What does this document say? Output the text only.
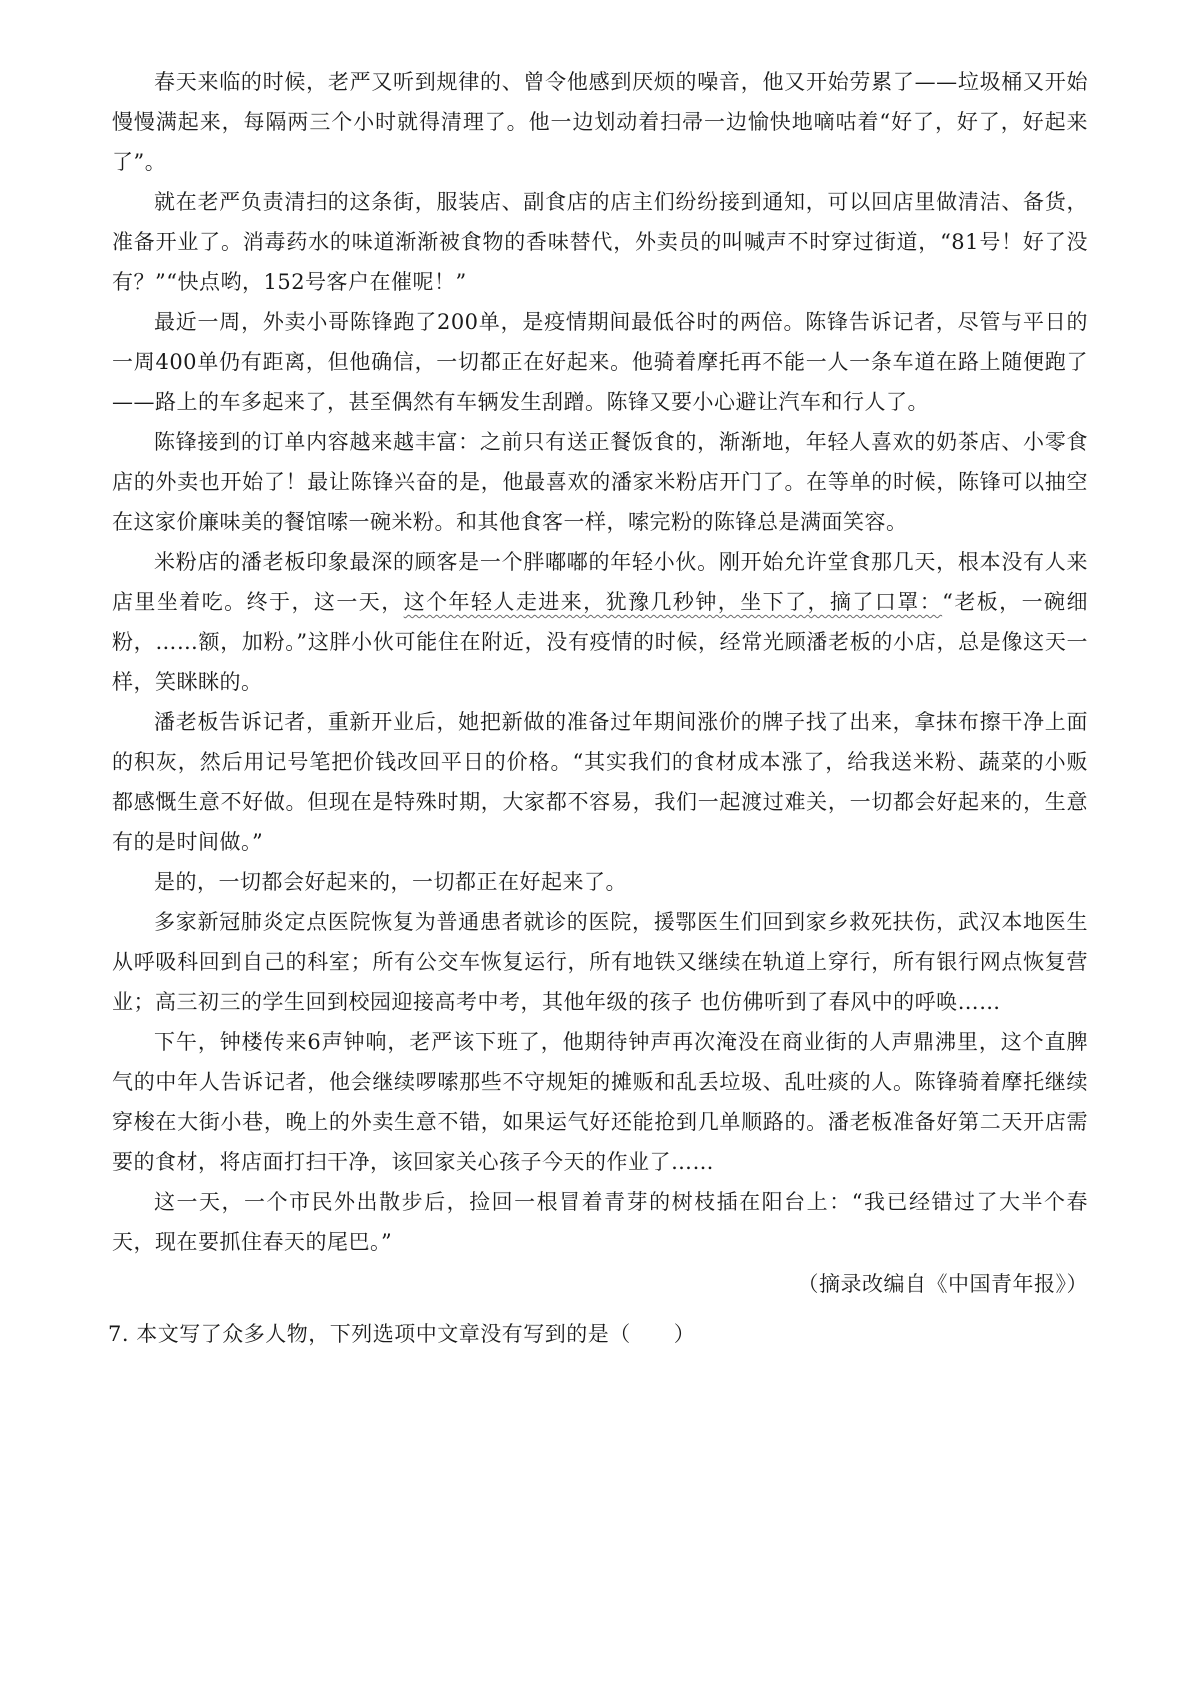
春天来临的时候，老严又听到规律的、曾令他感到厌烦的噪音，他又开始劳累了——垃圾桶又开始慢慢满起来，每隔两三个小时就得清理了。他一边划动着扫帚一边愉快地嘀咕着“好了，好了，好起来了”。

就在老严负责清扫的这条街，服装店、副食店的店主们纷纷接到通知，可以回店里做清洁、备货，准备开业了。消毒药水的味道渐渐被食物的香味替代，外卖员的叫喊声不时穿过街道，“81号！好了没有？”“快点哟，152号客户在催呢！”

最近一周，外卖小哥陈锋跑了200单，是疫情期间最低谷时的两倍。陈锋告诉记者，尽管与平日的一周400单仍有距离，但他确信，一切都正在好起来。他骑着摩托再不能一人一条车道在路上随便跑了——路上的车多起来了，甚至偶然有车辆发生刮蹭。陈锋又要小心避让汽车和行人了。

陈锋接到的订单内容越来越丰富：之前只有送正餐饭食的，渐渐地，年轻人喜欢的奶茶店、小零食店的外卖也开始了！最让陈锋兴奋的是，他最喜欢的潘家米粉店开门了。在等单的时候，陈锋可以抽空在这家价廉味美的餐馆嗦一碗米粉。和其他食客一样，嗦完粉的陈锋总是满面笑容。

米粉店的潘老板印象最深的顾客是一个胖嘟嘟的年轻小伙。刚开始允许堂食那几天，根本没有人来店里坐着吃。终于，这一天，这个年轻人走进来，犹豫几秒钟，坐下了，摘了口罩：“老板，一碗细粉，……额，加粉。”这胖小伙可能住在附近，没有疫情的时候，经常光顾潘老板的小店，总是像这天一样，笑眯眯的。

潘老板告诉记者，重新开业后，她把新做的准备过年期间涨价的牌子找了出来，拿抹布擦干净上面的积灰，然后用记号笔把价钱改回平日的价格。“其实我们的食材成本涨了，给我送米粉、蔬菜的小贩都感慨生意不好做。但现在是特殊时期，大家都不容易，我们一起渡过难关，一切都会好起来的，生意有的是时间做。”

是的，一切都会好起来的，一切都正在好起来了。

多家新冠肺炎定点医院恢复为普通患者就诊的医院，援鄂医生们回到家乡救死扶伤，武汉本地医生从呼吸科回到自己的科室；所有公交车恢复运行，所有地铁又继续在轨道上穿行，所有银行网点恢复营业；高三初三的学生回到校园迎接高考中考，其他年级的孩子 也仿佛听到了春风中的呼唤……

下午，钟楼传来6声钟响，老严该下班了，他期待钟声再次淹没在商业街的人声鼎沸里，这个直脾气的中年人告诉记者，他会继续啰嗦那些不守规矩的摊贩和乱丢垃圾、乱吐痰的人。陈锋骑着摩托继续穿梭在大街小巷，晚上的外卖生意不错，如果运气好还能抢到几单顺路的。潘老板准备好第二天开店需要的食材，将店面打扫干净，该回家关心孩子今天的作业了……

这一天，一个市民外出散步后，捡回一根冒着青芽的树枝插在阳台上：“我已经错过了大半个春天，现在要抓住春天的尾巴。”

（摘录改编自《中国青年报》）

7. 本文写了众多人物，下列选项中文章没有写到的是（　　）
